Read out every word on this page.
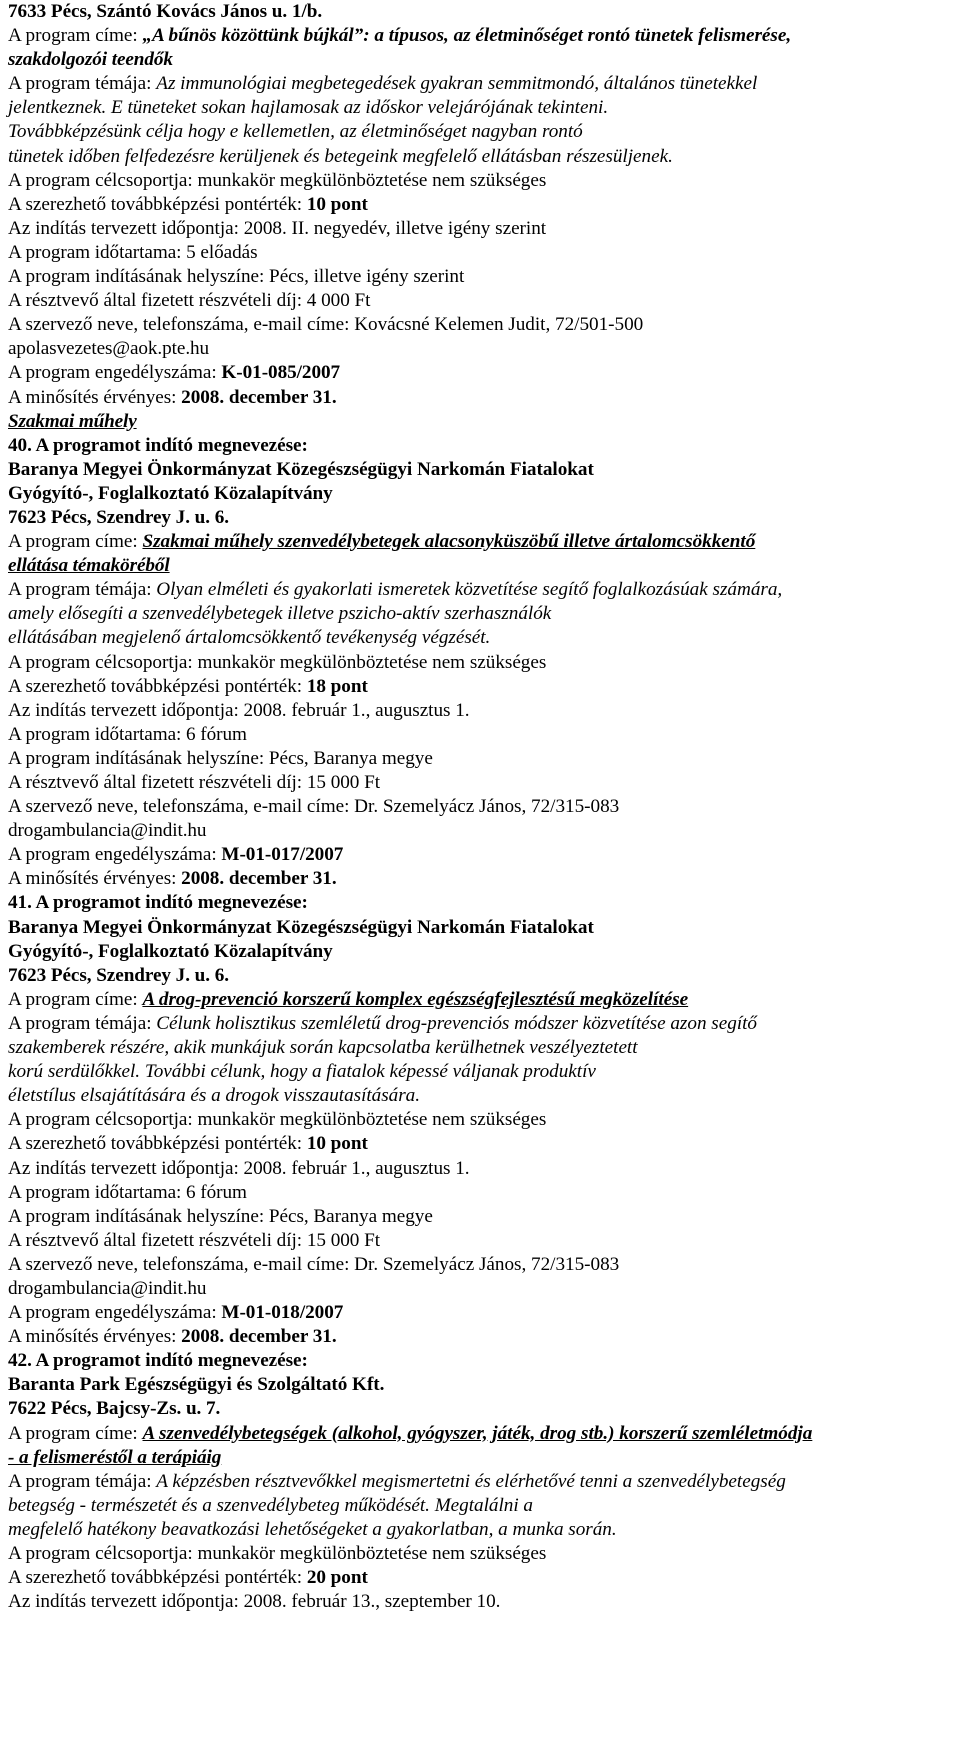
7633 Pécs, Szántó Kovács János u. 1/b.
A program címe: „A bűnös közöttünk bújkál”: a típusos, az életminőséget rontó tünetek felismerése,
szakdolgozói teendők
A program témája: Az immunológiai megbetegedések gyakran semmitmondó, általános tünetekkel
jelentkeznek. E tüneteket sokan hajlamosak az időskor velejárójának tekinteni.
Továbbképzésünk célja hogy e kellemetlen, az életminőséget nagyban rontó
tünetek időben felfedezésre kerüljenek és betegeink megfelelő ellátásban részesüljenek.
A program célcsoportja: munkakör megkülönböztetése nem szükséges
A szerezhető továbbképzési pontérték: 10 pont
Az indítás tervezett időpontja: 2008. II. negyedév, illetve igény szerint
A program időtartama: 5 előadás
A program indításának helyszíne: Pécs, illetve igény szerint
A résztvevő által fizetett részvételi díj: 4 000 Ft
A szervező neve, telefonszáma, e-mail címe: Kovácsné Kelemen Judit, 72/501-500
apolasvezetes@aok.pte.hu
A program engedélyszáma: K-01-085/2007
A minősítés érvényes: 2008. december 31.
Szakmai műhely
40. A programot indító megnevezése:
Baranya Megyei Önkormányzat Közegészségügyi Narkomán Fiatalokat
Gyógyító-, Foglalkoztató Közalapítvány
7623 Pécs, Szendrey J. u. 6.
A program címe: Szakmai műhely szenvedélybetegek alacsonyküszöbű illetve ártalomcsökkentő
ellátása témaköréből
A program témája: Olyan elméleti és gyakorlati ismeretek közvetítése segítő foglalkozásúak számára,
amely elősegíti a szenvedélybetegek illetve pszicho-aktív szerhasználók
ellátásában megjelenő ártalomcsökkentő tevékenység végzését.
A program célcsoportja: munkakör megkülönböztetése nem szükséges
A szerezhető továbbképzési pontérték: 18 pont
Az indítás tervezett időpontja: 2008. február 1., augusztus 1.
A program időtartama: 6 fórum
A program indításának helyszíne: Pécs, Baranya megye
A résztvevő által fizetett részvételi díj: 15 000 Ft
A szervező neve, telefonszáma, e-mail címe: Dr. Szemelyácz János, 72/315-083
drogambulancia@indit.hu
A program engedélyszáma: M-01-017/2007
A minősítés érvényes: 2008. december 31.
41. A programot indító megnevezése:
Baranya Megyei Önkormányzat Közegészségügyi Narkomán Fiatalokat
Gyógyító-, Foglalkoztató Közalapítvány
7623 Pécs, Szendrey J. u. 6.
A program címe: A drog-prevenció korszerű komplex egészségfejlesztésű megközelítése
A program témája: Célunk holisztikus szemléletű drog-prevenciós módszer közvetítése azon segítő
szakemberek részére, akik munkájuk során kapcsolatba kerülhetnek veszélyeztetett
korú serdülőkkel. További célunk, hogy a fiatalok képessé váljanak produktív
életstílus elsajátítására és a drogok visszautasítására.
A program célcsoportja: munkakör megkülönböztetése nem szükséges
A szerezhető továbbképzési pontérték: 10 pont
Az indítás tervezett időpontja: 2008. február 1., augusztus 1.
A program időtartama: 6 fórum
A program indításának helyszíne: Pécs, Baranya megye
A résztvevő által fizetett részvételi díj: 15 000 Ft
A szervező neve, telefonszáma, e-mail címe: Dr. Szemelyácz János, 72/315-083
drogambulancia@indit.hu
A program engedélyszáma: M-01-018/2007
A minősítés érvényes: 2008. december 31.
42. A programot indító megnevezése:
Baranta Park Egészségügyi és Szolgáltató Kft.
7622 Pécs, Bajcsy-Zs. u. 7.
A program címe: A szenvedélybetegségek (alkohol, gyógyszer, játék, drog stb.) korszerű szemléletmódja
- a felismeréstől a terápiáig
A program témája: A képzésben résztvevőkkel megismertetni és elérhetővé tenni a szenvedélybetegség
betegség - természetét és a szenvedélybeteg működését. Megtalálni a
megfelelő hatékony beavatkozási lehetőségeket a gyakorlatban, a munka során.
A program célcsoportja: munkakör megkülönböztetése nem szükséges
A szerezhető továbbképzési pontérték: 20 pont
Az indítás tervezett időpontja: 2008. február 13., szeptember 10.
